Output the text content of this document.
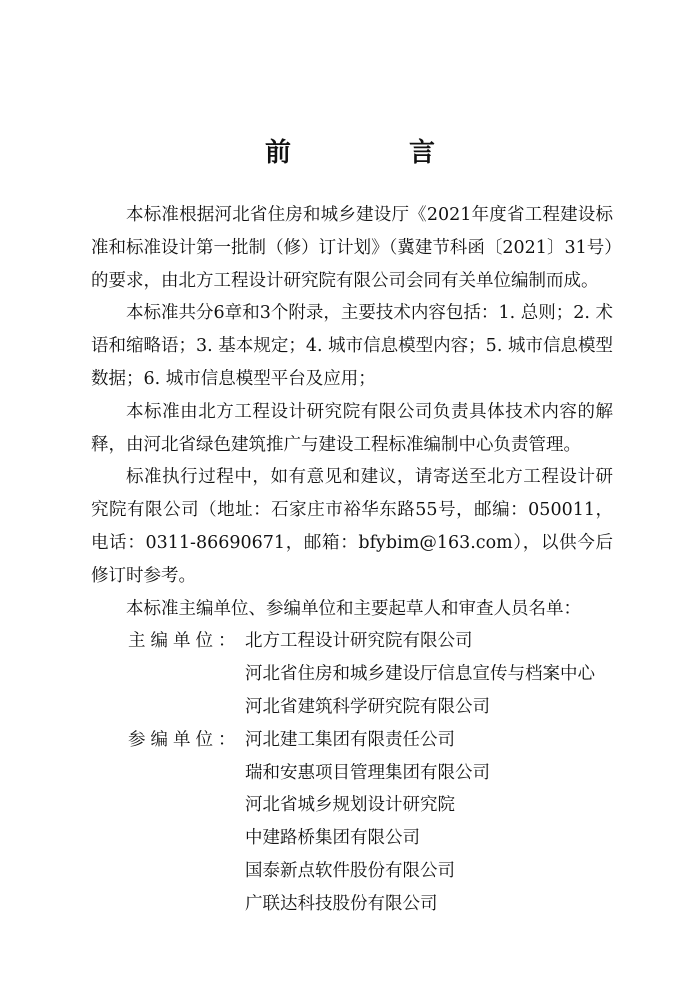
前　言

本标准根据河北省住房和城乡建设厅《2021年度省工程建设标准和标准设计第一批制（修）订计划》（冀建节科函〔2021〕31号）的要求，由北方工程设计研究院有限公司会同有关单位编制而成。

本标准共分6章和3个附录，主要技术内容包括：1. 总则；2. 术语和缩略语；3. 基本规定；4. 城市信息模型内容；5. 城市信息模型数据；6. 城市信息模型平台及应用；

本标准由北方工程设计研究院有限公司负责具体技术内容的解释，由河北省绿色建筑推广与建设工程标准编制中心负责管理。

标准执行过程中，如有意见和建议，请寄送至北方工程设计研究院有限公司（地址：石家庄市裕华东路55号，邮编：050011，电话：0311-86690671，邮箱：bfybim@163.com），以供今后修订时参考。

本标准主编单位、参编单位和主要起草人和审查人员名单：

主编单位： 北方工程设计研究院有限公司
河北省住房和城乡建设厅信息宣传与档案中心
河北省建筑科学研究院有限公司
参编单位： 河北建工集团有限责任公司
瑞和安惠项目管理集团有限公司
河北省城乡规划设计研究院
中建路桥集团有限公司
国泰新点软件股份有限公司
广联达科技股份有限公司
